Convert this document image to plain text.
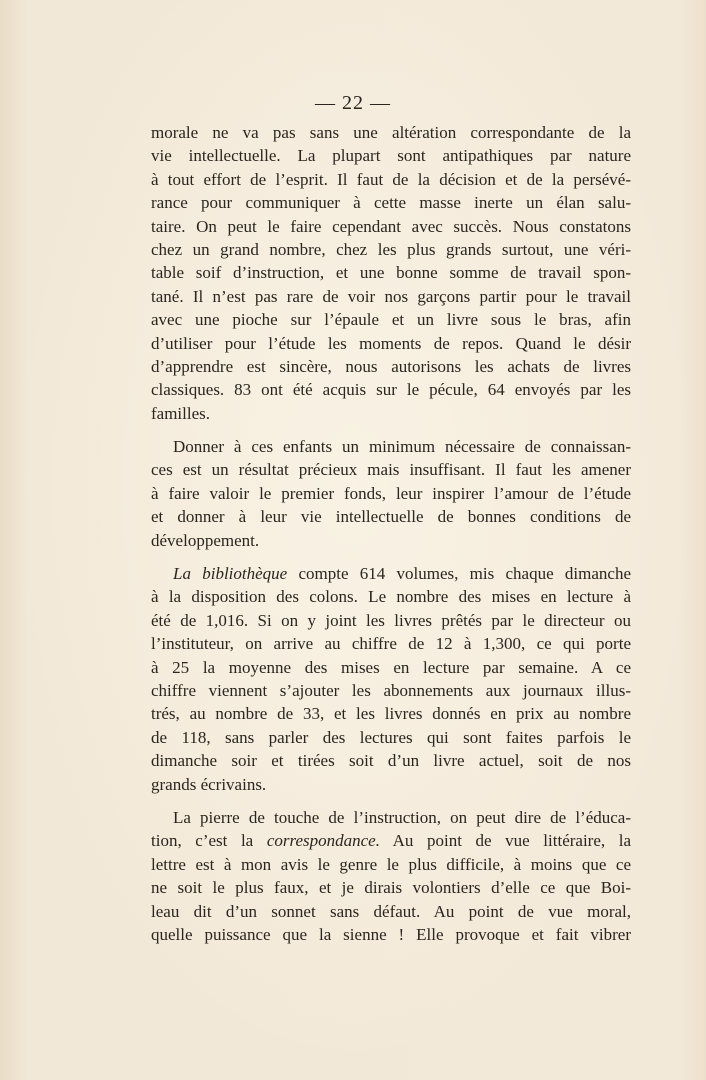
— 22 —
morale ne va pas sans une altération correspondante de la
vie intellectuelle. La plupart sont antipathiques par nature
à tout effort de l’esprit. Il faut de la décision et de la persévé-
rance pour communiquer à cette masse inerte un élan salu-
taire. On peut le faire cependant avec succès. Nous constatons
chez un grand nombre, chez les plus grands surtout, une véri-
table soif d’instruction, et une bonne somme de travail spon-
tané. Il n’est pas rare de voir nos garçons partir pour le travail
avec une pioche sur l’épaule et un livre sous le bras, afin
d’utiliser pour l’étude les moments de repos. Quand le désir
d’apprendre est sincère, nous autorisons les achats de livres
classiques. 83 ont été acquis sur le pécule, 64 envoyés par les
familles.
Donner à ces enfants un minimum nécessaire de connaissan-
ces est un résultat précieux mais insuffisant. Il faut les amener
à faire valoir le premier fonds, leur inspirer l’amour de l’étude
et donner à leur vie intellectuelle de bonnes conditions de
développement.
La bibliothèque compte 614 volumes, mis chaque dimanche
à la disposition des colons. Le nombre des mises en lecture à
été de 1,016. Si on y joint les livres prêtés par le directeur ou
l’instituteur, on arrive au chiffre de 12 à 1,300, ce qui porte
à 25 la moyenne des mises en lecture par semaine. A ce
chiffre viennent s’ajouter les abonnements aux journaux illus-
trés, au nombre de 33, et les livres donnés en prix au nombre
de 118, sans parler des lectures qui sont faites parfois le
dimanche soir et tirées soit d’un livre actuel, soit de nos
grands écrivains.
La pierre de touche de l’instruction, on peut dire de l’éduca-
tion, c’est la correspondance. Au point de vue littéraire, la
lettre est à mon avis le genre le plus difficile, à moins que ce
ne soit le plus faux, et je dirais volontiers d’elle ce que Boi-
leau dit d’un sonnet sans défaut. Au point de vue moral,
quelle puissance que la sienne ! Elle provoque et fait vibrer
